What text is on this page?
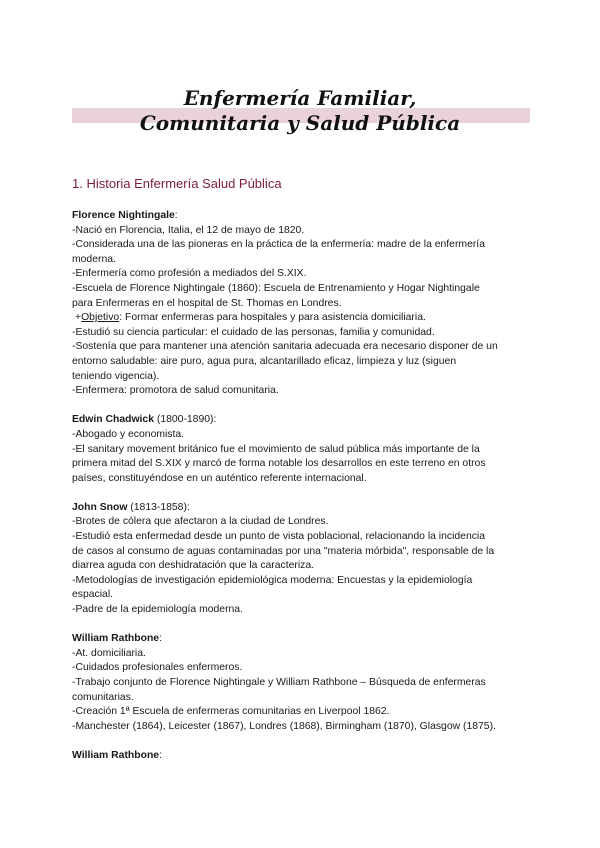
Enfermería Familiar,
Comunitaria y Salud Pública
1. Historia Enfermería Salud Pública
Florence Nightingale:
-Nació en Florencia, Italia, el 12 de mayo de 1820.
-Considerada una de las pioneras en la práctica de la enfermería: madre de la enfermería
moderna.
-Enfermería como profesión a mediados del S.XIX.
-Escuela de Florence Nightingale (1860): Escuela de Entrenamiento y Hogar Nightingale
para Enfermeras en el hospital de St. Thomas en Londres.
+Objetivo: Formar enfermeras para hospitales y para asistencia domiciliaria.
-Estudió su ciencia particular: el cuidado de las personas, familia y comunidad.
-Sostenía que para mantener una atención sanitaria adecuada era necesario disponer de un
entorno saludable: aire puro, agua pura, alcantarillado eficaz, limpieza y luz (siguen
teniendo vigencia).
-Enfermera: promotora de salud comunitaria.
Edwin Chadwick (1800-1890):
-Abogado y economista.
-El sanitary movement británico fue el movimiento de salud pública más importante de la
primera mitad del S.XIX y marcó de forma notable los desarrollos en este terreno en otros
países, constituyéndose en un auténtico referente internacional.
John Snow (1813-1858):
-Brotes de cólera que afectaron a la ciudad de Londres.
-Estudió esta enfermedad desde un punto de vista poblacional, relacionando la incidencia
de casos al consumo de aguas contaminadas por una "materia mórbida", responsable de la
diarrea aguda con deshidratación que la caracteriza.
-Metodologías de investigación epidemiológica moderna: Encuestas y la epidemiología
espacial.
-Padre de la epidemiología moderna.
William Rathbone:
-At. domiciliaria.
-Cuidados profesionales enfermeros.
-Trabajo conjunto de Florence Nightingale y William Rathbone – Búsqueda de enfermeras
comunitarias.
-Creación 1ª Escuela de enfermeras comunitarias en Liverpool 1862.
-Manchester (1864), Leicester (1867), Londres (1868), Birmingham (1870), Glasgow (1875).
William Rathbone:
